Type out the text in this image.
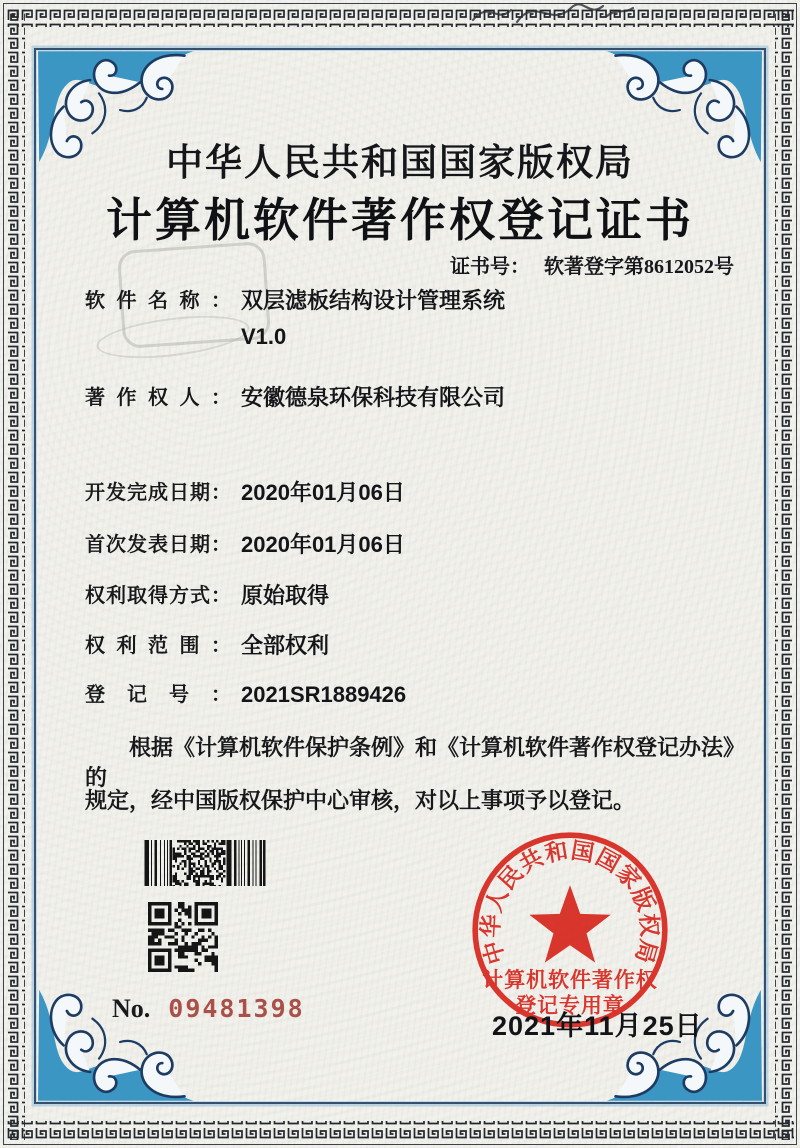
中华人民共和国国家版权局
计算机软件著作权登记证书
证书号： 软著登字第8612052号
软件名称： 双层滤板结构设计管理系统
V1.0
著作权人： 安徽德泉环保科技有限公司
开发完成日期： 2020年01月06日
首次发表日期： 2020年01月06日
权利取得方式： 原始取得
权利范围： 全部权利
登记号： 2021SR1889426
根据《计算机软件保护条例》和《计算机软件著作权登记办法》的
规定，经中国版权保护中心审核，对以上事项予以登记。
No. 09481398
中华人民共和国国家版权局
计算机软件著作权
登记专用章
2021年11月25日
